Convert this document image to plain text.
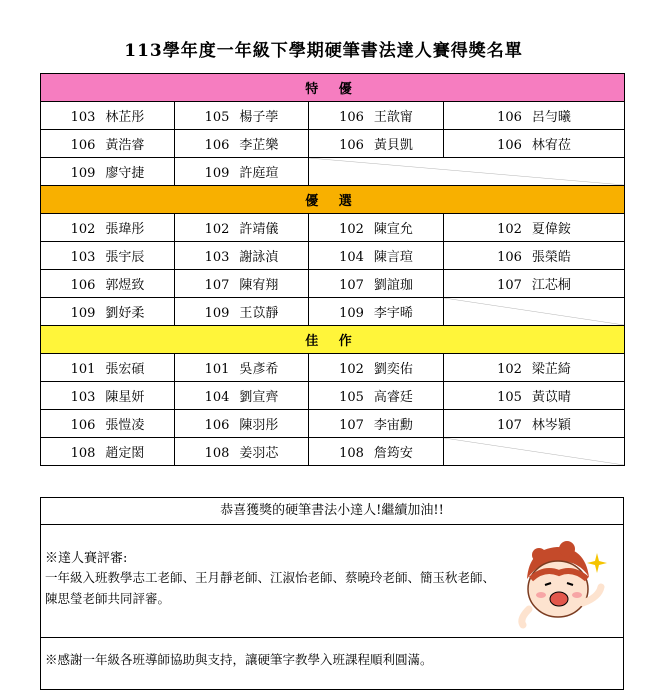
113學年度一年級下學期硬筆書法達人賽得獎名單
特 優			
103 林芷彤	105 楊子荸	106 王歆甯	106 呂勻曦
106 黃浩睿	106 李芷樂	106 黃貝凱	106 林宥莅
109 廖守捷	109 許庭瑄	

優 選			
102 張瑋彤	102 許靖儀	102 陳宣允	102 夏偉銨
103 張宇辰	103 謝詠湞	104 陳言瑄	106 張榮皓
106 郭煜致	107 陳宥翔	107 劉誼珈	107 江芯桐
109 劉妤柔	109 王苡靜	109 李宇晞	

佳 作			
101 張宏碩	101 吳彥希	102 劉奕佑	102 梁芷綺
103 陳星妍	104 劉宣齊	105 高睿廷	105 黃苡晴
106 張愷凌	106 陳羽彤	107 李宙勳	107 林岑穎
108 趙定閎	108 姜羽芯	108 詹筠安	
恭喜獲獎的硬筆書法小達人!繼續加油!!
※達人賽評審:
一年級入班教學志工老師、王月靜老師、江淑怡老師、蔡曉玲老師、簡玉秋老師、陳思瑩老師共同評審。
※感謝一年級各班導師協助與支持，讓硬筆字教學入班課程順利圓滿。
